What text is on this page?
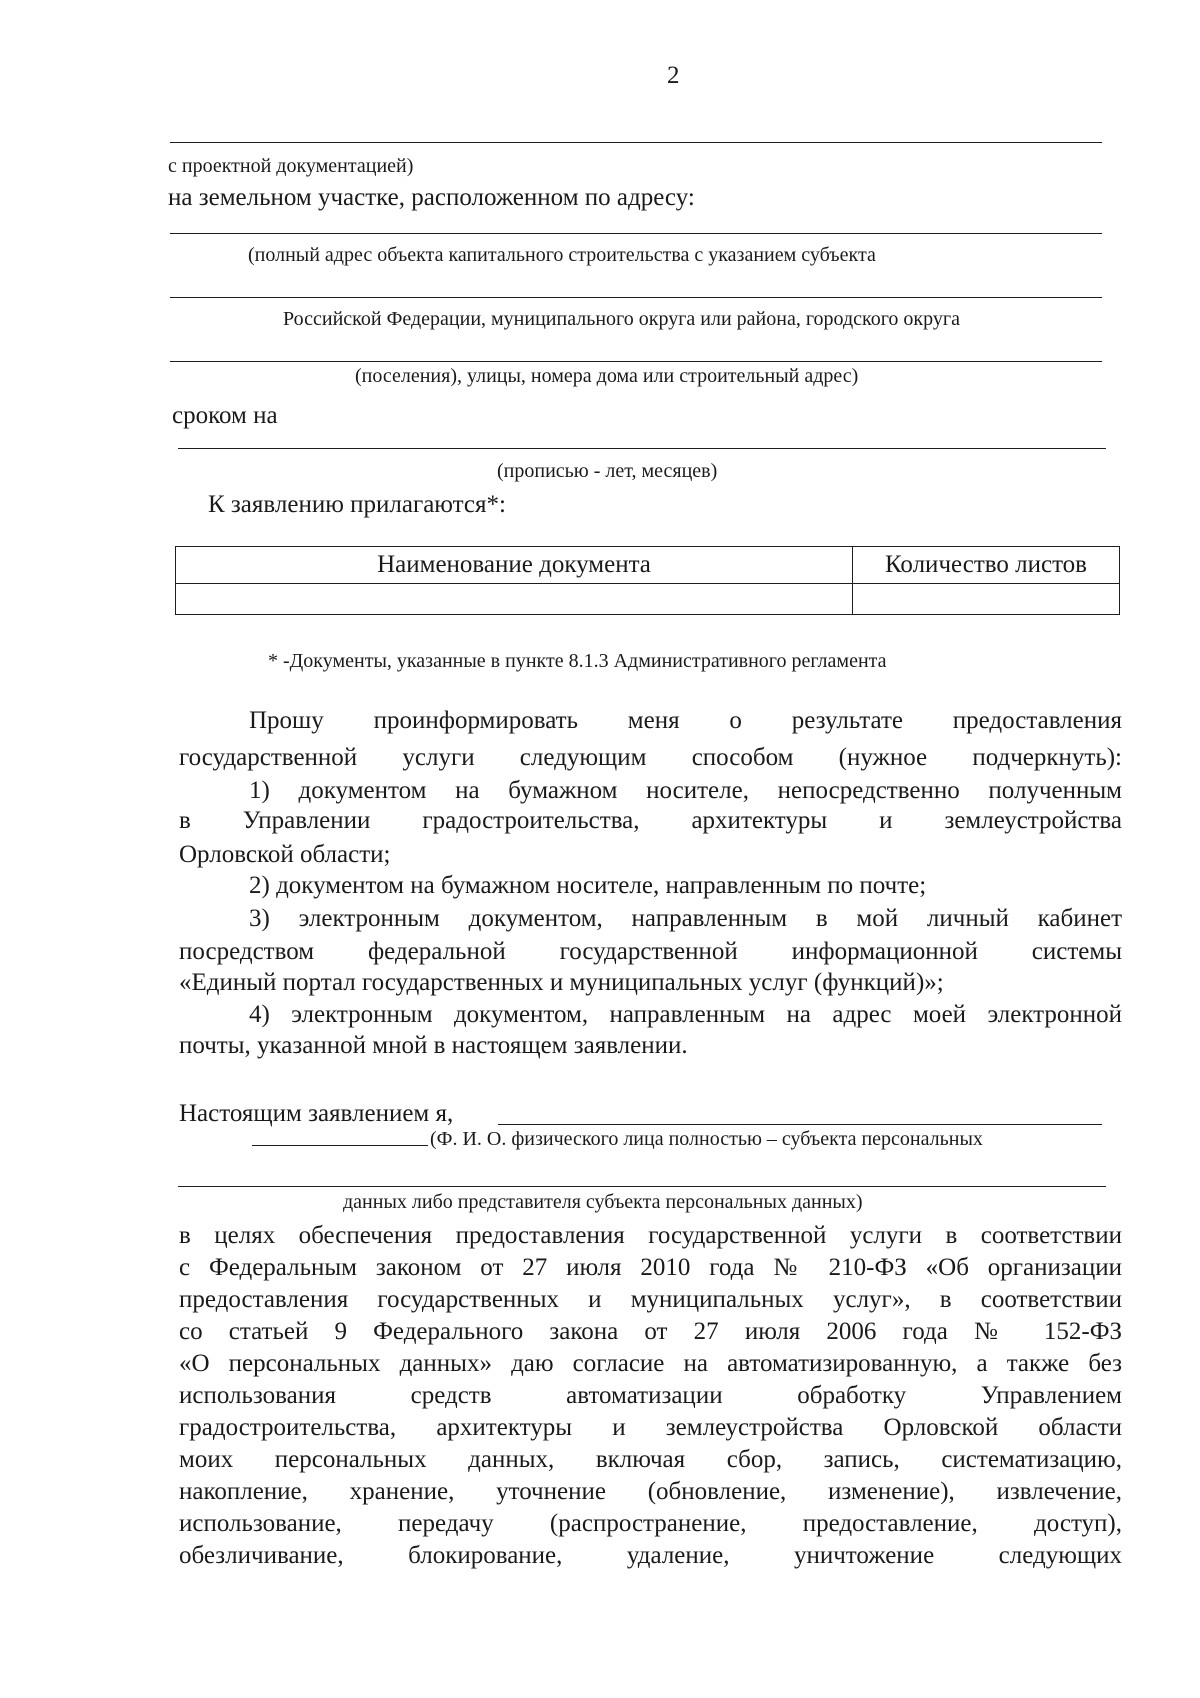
2
с проектной документацией)
на земельном участке, расположенном по адресу:
(полный адрес объекта капитального строительства с указанием субъекта
Российской Федерации, муниципального округа или района, городского округа
(поселения), улицы, номера дома или строительный адрес)
сроком на
(прописью - лет, месяцев)
К заявлению прилагаются*:
Наименование документа	Количество листов

* -Документы, указанные в пункте 8.1.3 Административного регламента
Прошу проинформировать меня о результате предоставления
государственной услуги следующим способом (нужное подчеркнуть):
1) документом на бумажном носителе, непосредственно полученным
в Управлении градостроительства, архитектуры и землеустройства
Орловской области;
2) документом на бумажном носителе, направленным по почте;
3) электронным документом, направленным в мой личный кабинет
посредством федеральной государственной информационной системы
«Единый портал государственных и муниципальных услуг (функций)»;
4) электронным документом, направленным на адрес моей электронной
почты, указанной мной в настоящем заявлении.
Настоящим заявлением я,
(Ф. И. О. физического лица полностью – субъекта персональных
данных либо представителя субъекта персональных данных)
в целях обеспечения предоставления государственной услуги в соответствии
с Федеральным законом от 27 июля 2010 года № 210-ФЗ «Об организации
предоставления государственных и муниципальных услуг», в соответствии
со статьей 9 Федерального закона от 27 июля 2006 года № 152-ФЗ
«О персональных данных» даю согласие на автоматизированную, а также без
использования средств автоматизации обработку Управлением
градостроительства, архитектуры и землеустройства Орловской области
моих персональных данных, включая сбор, запись, систематизацию,
накопление, хранение, уточнение (обновление, изменение), извлечение,
использование, передачу (распространение, предоставление, доступ),
обезличивание, блокирование, удаление, уничтожение следующих
